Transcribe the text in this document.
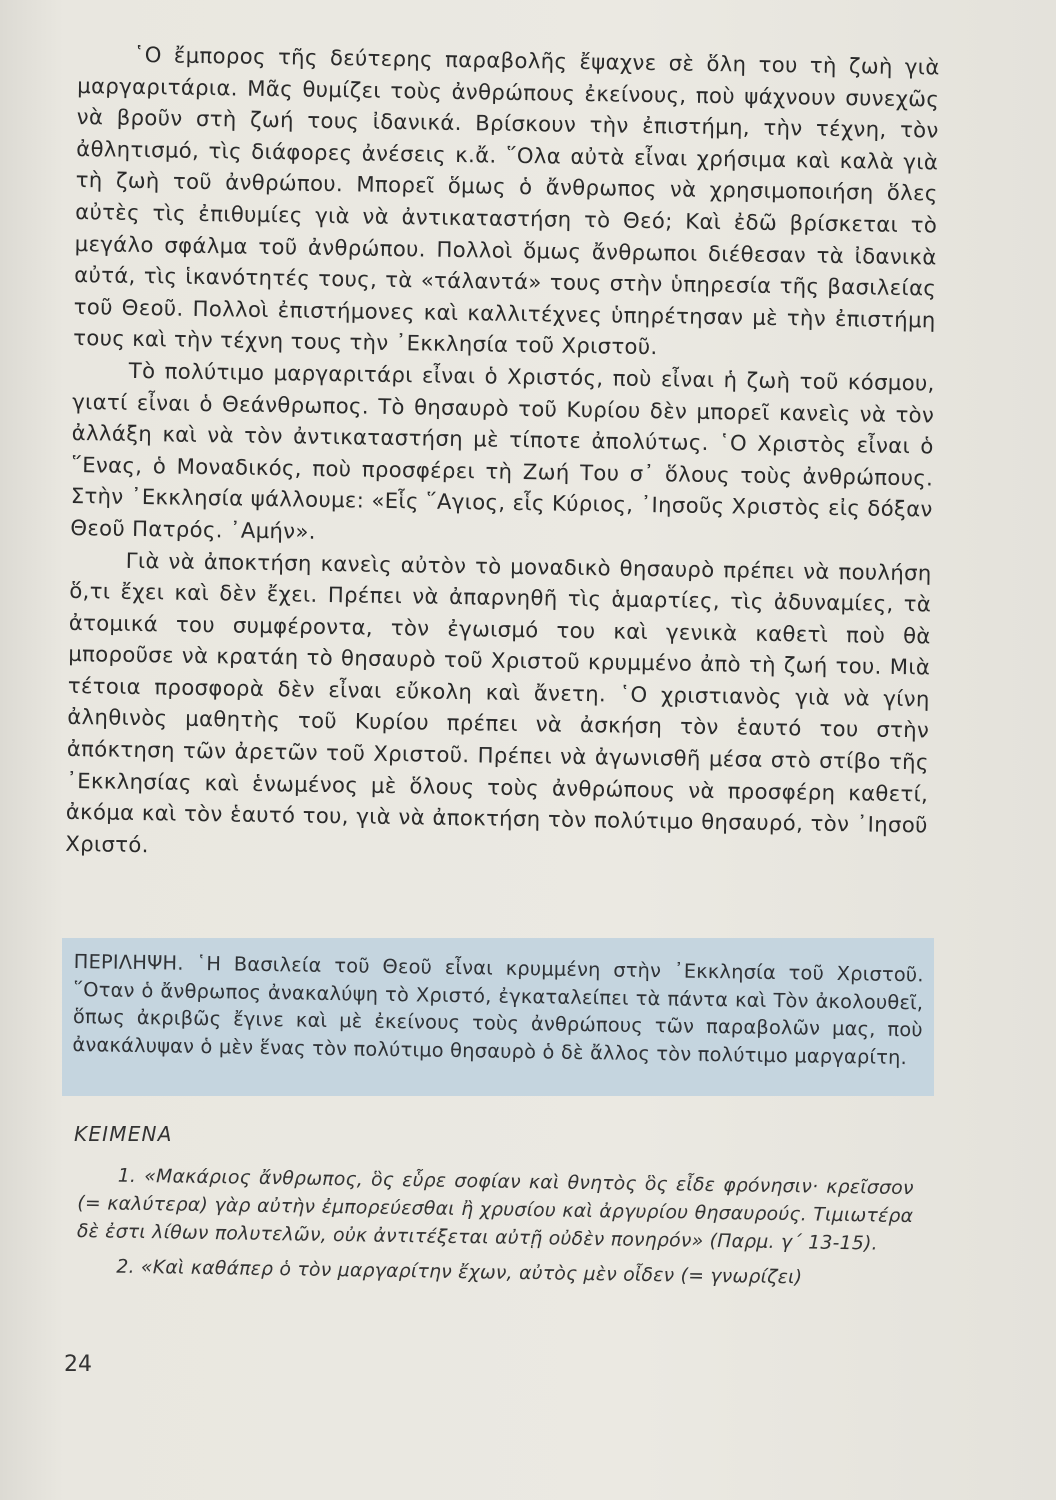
῾Ο ἔμπορος τῆς δεύτερης παραβολῆς ἔψαχνε σὲ ὅλη του τὴ ζωὴ γιὰ μαργαριτάρια. Μᾶς θυμίζει τοὺς ἀνθρώπους ἐκείνους, ποὺ ψάχνουν συνεχῶς νὰ βροῦν στὴ ζωή τους ἰδανικά. Βρίσκουν τὴν ἐπιστήμη, τὴν τέχνη, τὸν ἀθλητισμό, τὶς διάφορες ἀνέσεις κ.ἄ. ῞Ολα αὐτὰ εἶναι χρήσιμα καὶ καλὰ γιὰ τὴ ζωὴ τοῦ ἀνθρώπου. Μπορεῖ ὅμως ὁ ἄνθρωπος νὰ χρησιμοποιήση ὅλες αὐτὲς τὶς ἐπιθυμίες γιὰ νὰ ἀντικαταστήση τὸ Θεό; Καὶ ἐδῶ βρίσκεται τὸ μεγάλο σφάλμα τοῦ ἀνθρώπου. Πολλοὶ ὅμως ἄνθρωποι διέθεσαν τὰ ἰδανικὰ αὐτά, τὶς ἱκανότητές τους, τὰ «τάλαντά» τους στὴν ὑπηρεσία τῆς βασιλείας τοῦ Θεοῦ. Πολλοὶ ἐπιστήμονες καὶ καλλιτέχνες ὑπηρέτησαν μὲ τὴν ἐπιστήμη τους καὶ τὴν τέχνη τους τὴν ᾿Εκκλησία τοῦ Χριστοῦ.

Τὸ πολύτιμο μαργαριτάρι εἶναι ὁ Χριστός, ποὺ εἶναι ἡ ζωὴ τοῦ κόσμου, γιατί εἶναι ὁ Θεάνθρωπος. Τὸ θησαυρὸ τοῦ Κυρίου δὲν μπορεῖ κανεὶς νὰ τὸν ἀλλάξη καὶ νὰ τὸν ἀντικαταστήση μὲ τίποτε ἀπολύτως. ῾Ο Χριστὸς εἶναι ὁ ῞Ενας, ὁ Μοναδικός, ποὺ προσφέρει τὴ Ζωή Του σ᾿ ὅλους τοὺς ἀνθρώπους. Στὴν ᾿Εκκλησία ψάλλουμε: «Εἷς ῞Αγιος, εἷς Κύριος, ᾿Ιησοῦς Χριστὸς εἰς δόξαν Θεοῦ Πατρός. ᾿Αμήν».

Γιὰ νὰ ἀποκτήση κανεὶς αὐτὸν τὸ μοναδικὸ θησαυρὸ πρέπει νὰ πουλήση ὅ,τι ἔχει καὶ δὲν ἔχει. Πρέπει νὰ ἀπαρνηθῆ τὶς ἁμαρτίες, τὶς ἀδυναμίες, τὰ ἀτομικά του συμφέροντα, τὸν ἐγωισμό του καὶ γενικὰ καθετὶ ποὺ θὰ μποροῦσε νὰ κρατάη τὸ θησαυρὸ τοῦ Χριστοῦ κρυμμένο ἀπὸ τὴ ζωή του. Μιὰ τέτοια προσφορὰ δὲν εἶναι εὔκολη καὶ ἄνετη. ῾Ο χριστιανὸς γιὰ νὰ γίνη ἀληθινὸς μαθητὴς τοῦ Κυρίου πρέπει νὰ ἀσκήση τὸν ἑαυτό του στὴν ἀπόκτηση τῶν ἀρετῶν τοῦ Χριστοῦ. Πρέπει νὰ ἀγωνισθῆ μέσα στὸ στίβο τῆς ᾿Εκκλησίας καὶ ἑνωμένος μὲ ὅλους τοὺς ἀνθρώπους νὰ προσφέρη καθετί, ἀκόμα καὶ τὸν ἑαυτό του, γιὰ νὰ ἀποκτήση τὸν πολύτιμο θησαυρό, τὸν ᾿Ιησοῦ Χριστό.

ΠΕΡΙΛΗΨΗ. ῾Η Βασιλεία τοῦ Θεοῦ εἶναι κρυμμένη στὴν ᾿Εκκλησία τοῦ Χριστοῦ. ῞Οταν ὁ ἄνθρωπος ἀνακαλύψη τὸ Χριστό, ἐγκαταλείπει τὰ πάντα καὶ Τὸν ἀκολουθεῖ, ὅπως ἀκριβῶς ἔγινε καὶ μὲ ἐκείνους τοὺς ἀνθρώπους τῶν παραβολῶν μας, ποὺ ἀνακάλυψαν ὁ μὲν ἕνας τὸν πολύτιμο θησαυρὸ ὁ δὲ ἄλλος τὸν πολύτιμο μαργαρίτη.
ΚΕΙΜΕΝΑ

1. «Μακάριος ἄνθρωπος, ὃς εὗρε σοφίαν καὶ θνητὸς ὃς εἶδε φρόνησιν· κρεῖσσον (= καλύτερα) γὰρ αὐτὴν ἐμπορεύεσθαι ἢ χρυσίου καὶ ἀργυρίου θησαυρούς. Τιμιωτέρα δὲ ἐστι λίθων πολυτελῶν, οὐκ ἀντιτέξεται αὐτῇ οὐδὲν πονηρόν» (Παρμ. γ΄ 13-15).

2. «Καὶ καθάπερ ὁ τὸν μαργαρίτην ἔχων, αὐτὸς μὲν οἶδεν (= γνωρίζει)

24
